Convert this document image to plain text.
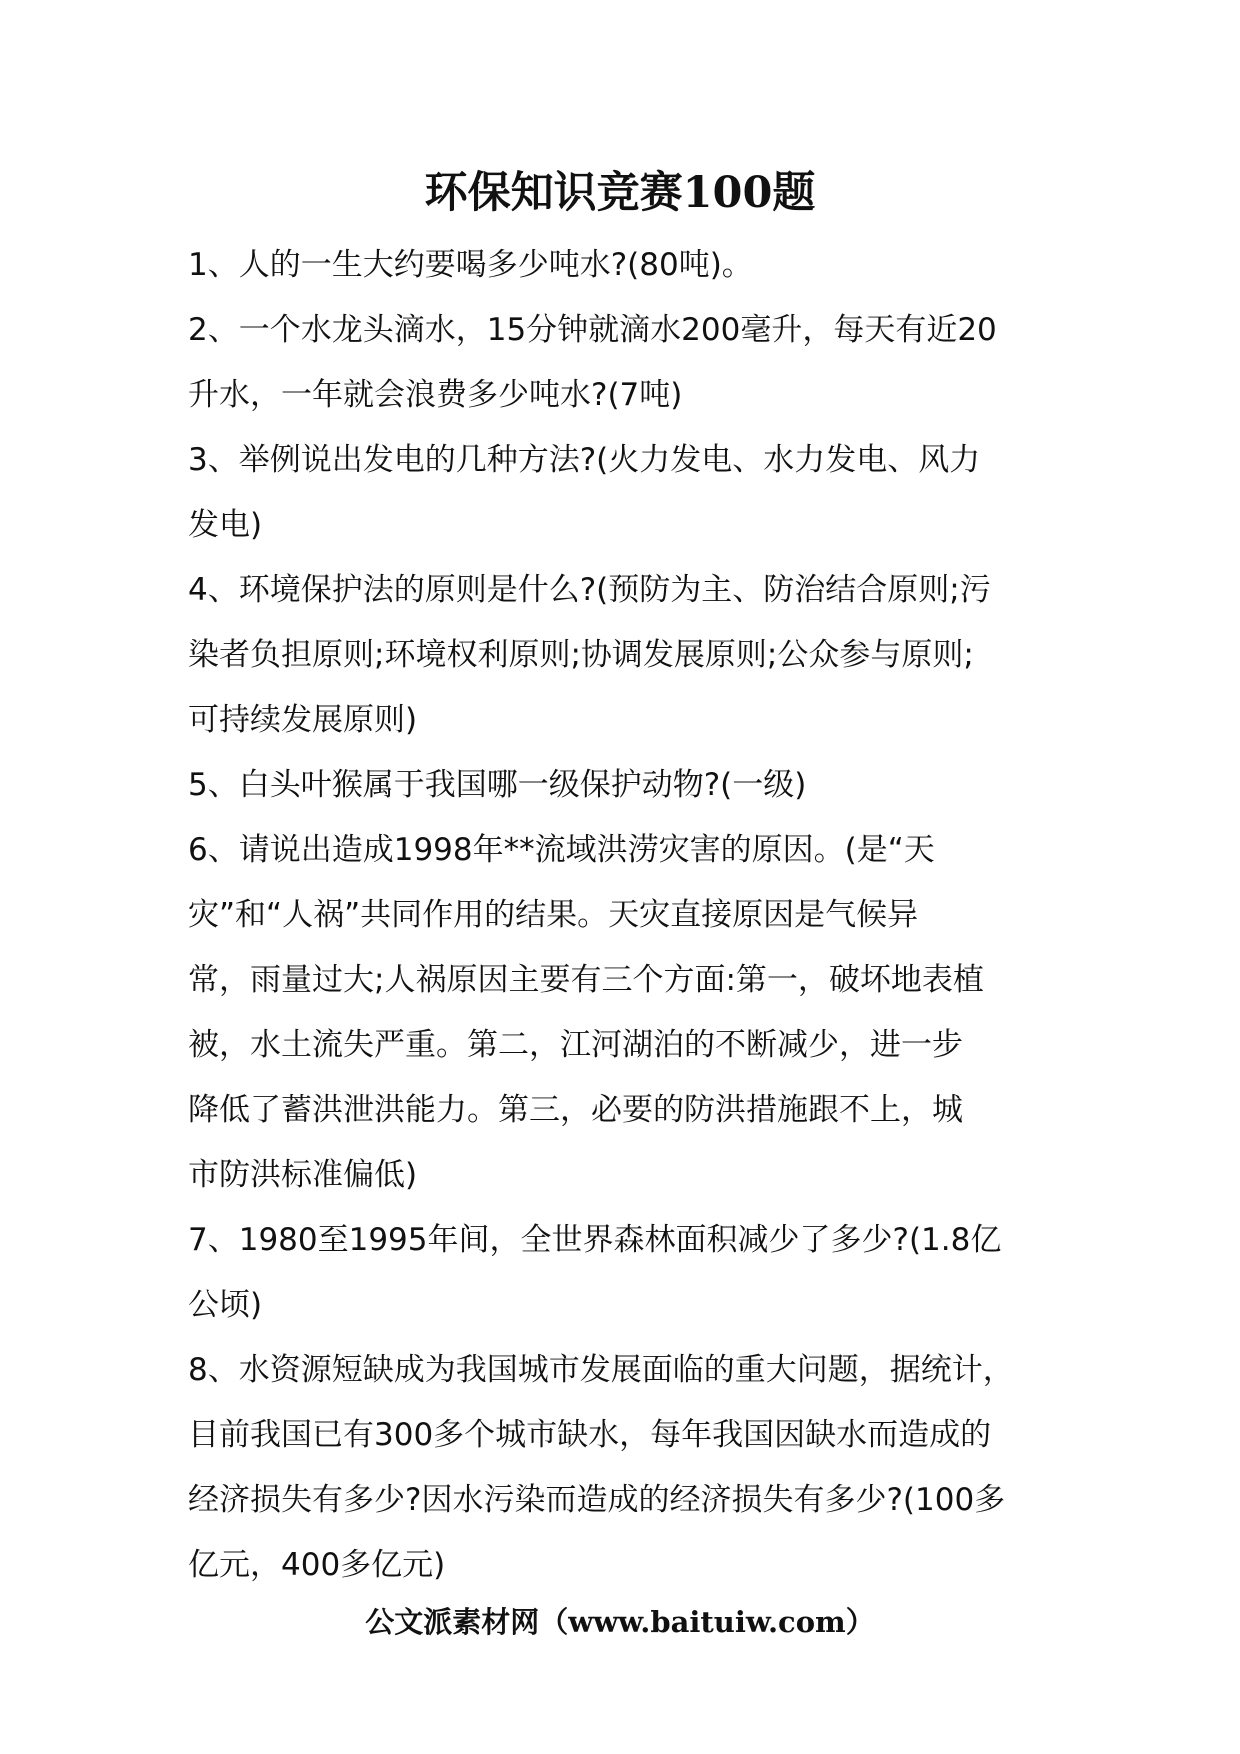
环保知识竞赛100题
1、人的一生大约要喝多少吨水?(80吨)。
2、一个水龙头滴水，15分钟就滴水200毫升，每天有近20
升水，一年就会浪费多少吨水?(7吨)
3、举例说出发电的几种方法?(火力发电、水力发电、风力
发电)
4、环境保护法的原则是什么?(预防为主、防治结合原则;污
染者负担原则;环境权利原则;协调发展原则;公众参与原则;
可持续发展原则)
5、白头叶猴属于我国哪一级保护动物?(一级)
6、请说出造成1998年**流域洪涝灾害的原因。(是“天
灾”和“人祸”共同作用的结果。天灾直接原因是气候异
常，雨量过大;人祸原因主要有三个方面:第一，破坏地表植
被，水土流失严重。第二，江河湖泊的不断减少，进一步
降低了蓄洪泄洪能力。第三，必要的防洪措施跟不上，城
市防洪标准偏低)
7、1980至1995年间，全世界森林面积减少了多少?(1.8亿
公顷)
8、水资源短缺成为我国城市发展面临的重大问题，据统计，
目前我国已有300多个城市缺水，每年我国因缺水而造成的
经济损失有多少?因水污染而造成的经济损失有多少?(100多
亿元，400多亿元)
公文派素材网（www.baituiw.com）
